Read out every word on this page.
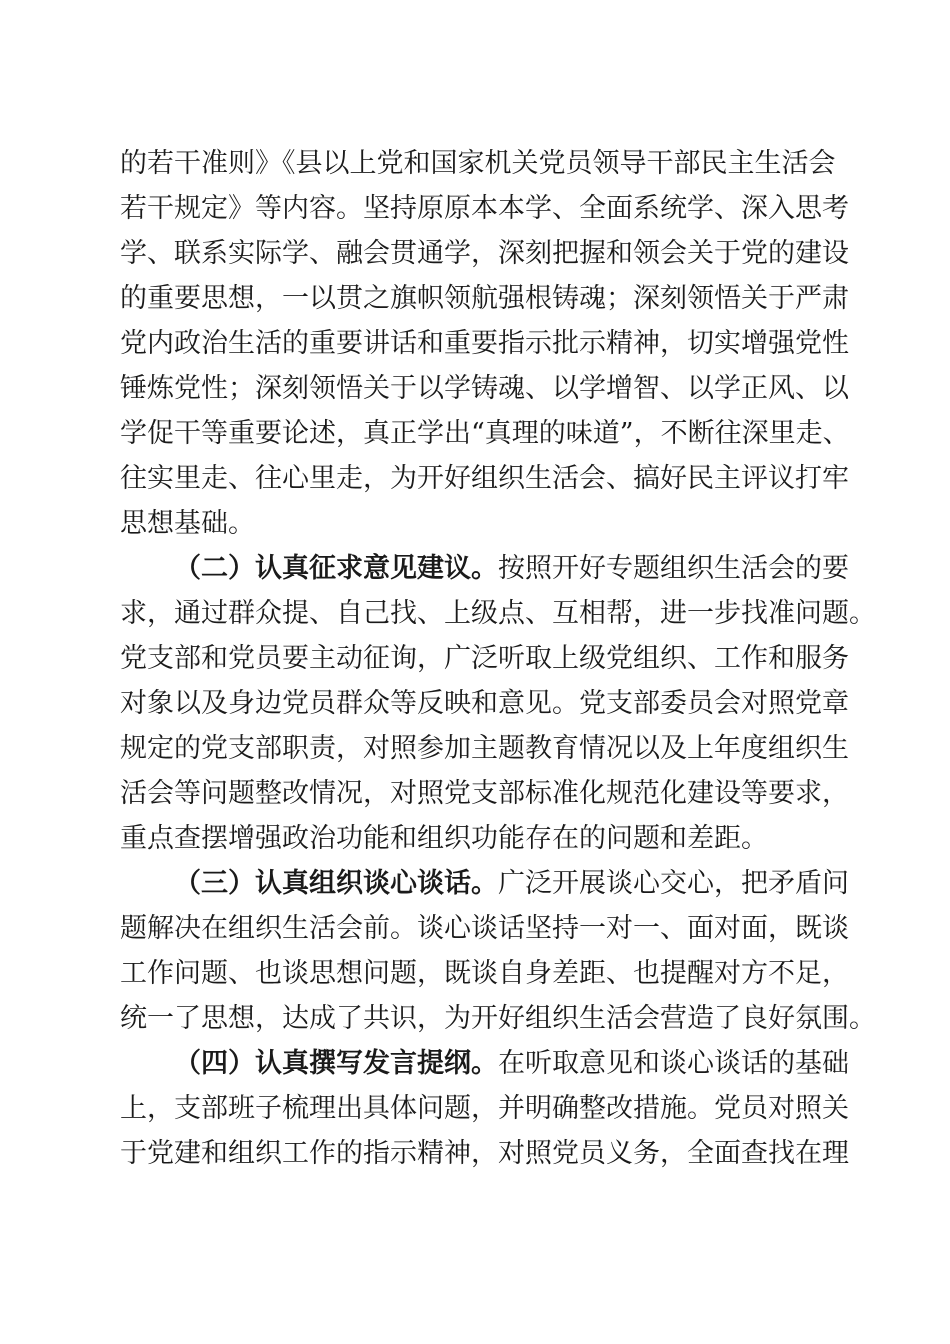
的若干准则》《县以上党和国家机关党员领导干部民主生活会
若干规定》等内容。坚持原原本本学、全面系统学、深入思考
学、联系实际学、融会贯通学，深刻把握和领会关于党的建设
的重要思想，一以贯之旗帜领航强根铸魂；深刻领悟关于严肃
党内政治生活的重要讲话和重要指示批示精神，切实增强党性
锤炼党性；深刻领悟关于以学铸魂、以学增智、以学正风、以
学促干等重要论述，真正学出“真理的味道”，不断往深里走、
往实里走、往心里走，为开好组织生活会、搞好民主评议打牢
思想基础。
（二）认真征求意见建议。按照开好专题组织生活会的要
求，通过群众提、自己找、上级点、互相帮，进一步找准问题。
党支部和党员要主动征询，广泛听取上级党组织、工作和服务
对象以及身边党员群众等反映和意见。党支部委员会对照党章
规定的党支部职责，对照参加主题教育情况以及上年度组织生
活会等问题整改情况，对照党支部标准化规范化建设等要求，
重点查摆增强政治功能和组织功能存在的问题和差距。
（三）认真组织谈心谈话。广泛开展谈心交心，把矛盾问
题解决在组织生活会前。谈心谈话坚持一对一、面对面，既谈
工作问题、也谈思想问题，既谈自身差距、也提醒对方不足，
统一了思想，达成了共识，为开好组织生活会营造了良好氛围。
（四）认真撰写发言提纲。在听取意见和谈心谈话的基础
上，支部班子梳理出具体问题，并明确整改措施。党员对照关
于党建和组织工作的指示精神，对照党员义务，全面查找在理
